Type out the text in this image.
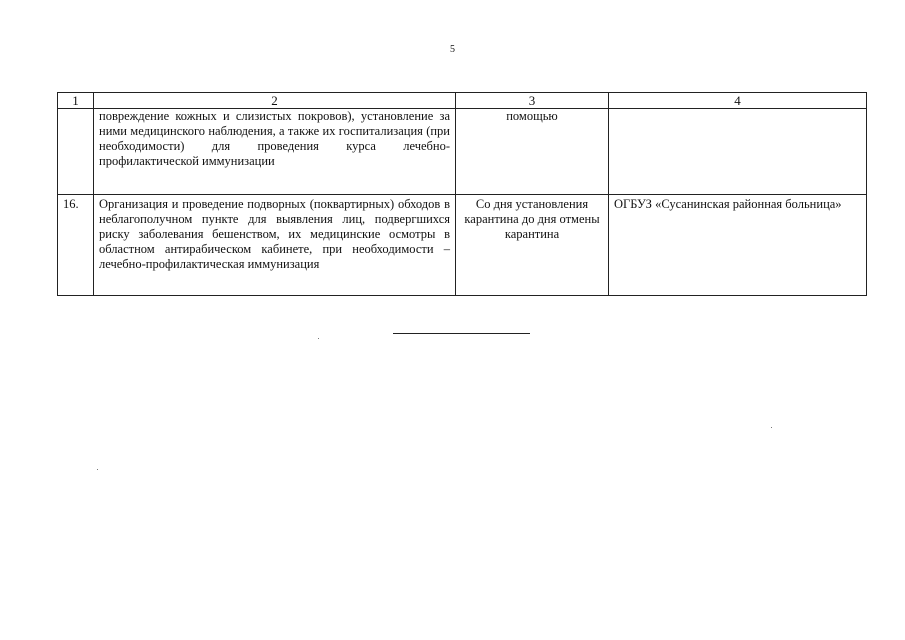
5
1	2	3	4
	повреждение кожных и слизистых покровов), установление за ними медицинского наблюдения, а также их госпитализация (при необходимости) для проведения курса лечебно-профилактической иммунизации	помощью	
16.	Организация и проведение подворных (поквартирных) обходов в неблагополучном пункте для выявления лиц, подвергшихся риску заболевания бешенством, их медицинские осмотры в областном антирабическом кабинете, при необходимости – лечебно-профилактическая иммунизация	Со дня установления карантина до дня отмены карантина	ОГБУЗ «Сусанинская районная больница»
